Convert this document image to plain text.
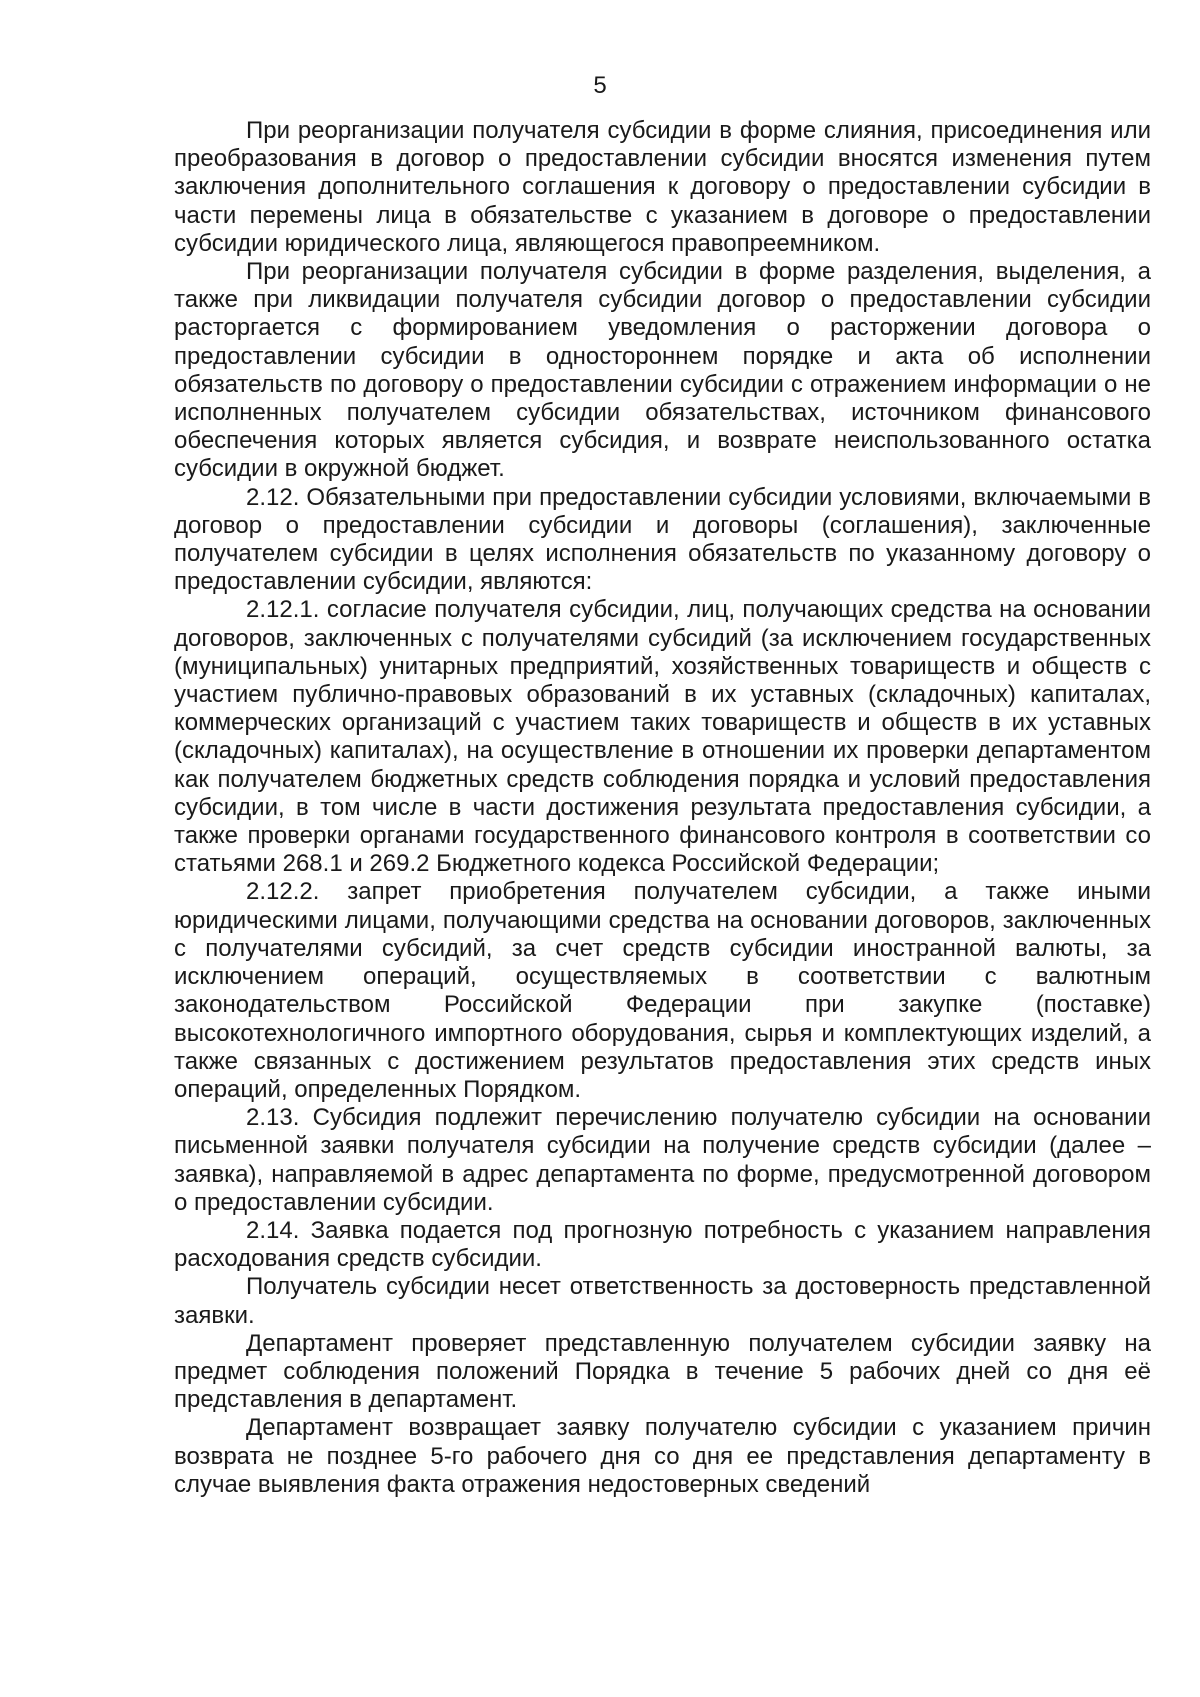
5

При реорганизации получателя субсидии в форме слияния, присоединения или преобразования в договор о предоставлении субсидии вносятся изменения путем заключения дополнительного соглашения к договору о предоставлении субсидии в части перемены лица в обязательстве с указанием в договоре о предоставлении субсидии юридического лица, являющегося правопреемником.

При реорганизации получателя субсидии в форме разделения, выделения, а также при ликвидации получателя субсидии договор о предоставлении субсидии расторгается с формированием уведомления о расторжении договора о предоставлении субсидии в одностороннем порядке и акта об исполнении обязательств по договору о предоставлении субсидии с отражением информации о не исполненных получателем субсидии обязательствах, источником финансового обеспечения которых является субсидия, и возврате неиспользованного остатка субсидии в окружной бюджет.

2.12. Обязательными при предоставлении субсидии условиями, включаемыми в договор о предоставлении субсидии и договоры (соглашения), заключенные получателем субсидии в целях исполнения обязательств по указанному договору о предоставлении субсидии, являются:

2.12.1. согласие получателя субсидии, лиц, получающих средства на основании договоров, заключенных с получателями субсидий (за исключением государственных (муниципальных) унитарных предприятий, хозяйственных товариществ и обществ с участием публично-правовых образований в их уставных (складочных) капиталах, коммерческих организаций с участием таких товариществ и обществ в их уставных (складочных) капиталах), на осуществление в отношении их проверки департаментом как получателем бюджетных средств соблюдения порядка и условий предоставления субсидии, в том числе в части достижения результата предоставления субсидии, а также проверки органами государственного финансового контроля в соответствии со статьями 268.1 и 269.2 Бюджетного кодекса Российской Федерации;

2.12.2. запрет приобретения получателем субсидии, а также иными юридическими лицами, получающими средства на основании договоров, заключенных с получателями субсидий, за счет средств субсидии иностранной валюты, за исключением операций, осуществляемых в соответствии с валютным законодательством Российской Федерации при закупке (поставке) высокотехнологичного импортного оборудования, сырья и комплектующих изделий, а также связанных с достижением результатов предоставления этих средств иных операций, определенных Порядком.

2.13. Субсидия подлежит перечислению получателю субсидии на основании письменной заявки получателя субсидии на получение средств субсидии (далее – заявка), направляемой в адрес департамента по форме, предусмотренной договором о предоставлении субсидии.

2.14. Заявка подается под прогнозную потребность с указанием направления расходования средств субсидии.

Получатель субсидии несет ответственность за достоверность представленной заявки.

Департамент проверяет представленную получателем субсидии заявку на предмет соблюдения положений Порядка в течение 5 рабочих дней со дня её представления в департамент.

Департамент возвращает заявку получателю субсидии с указанием причин возврата не позднее 5-го рабочего дня со дня ее представления департаменту в случае выявления факта отражения недостоверных сведений
